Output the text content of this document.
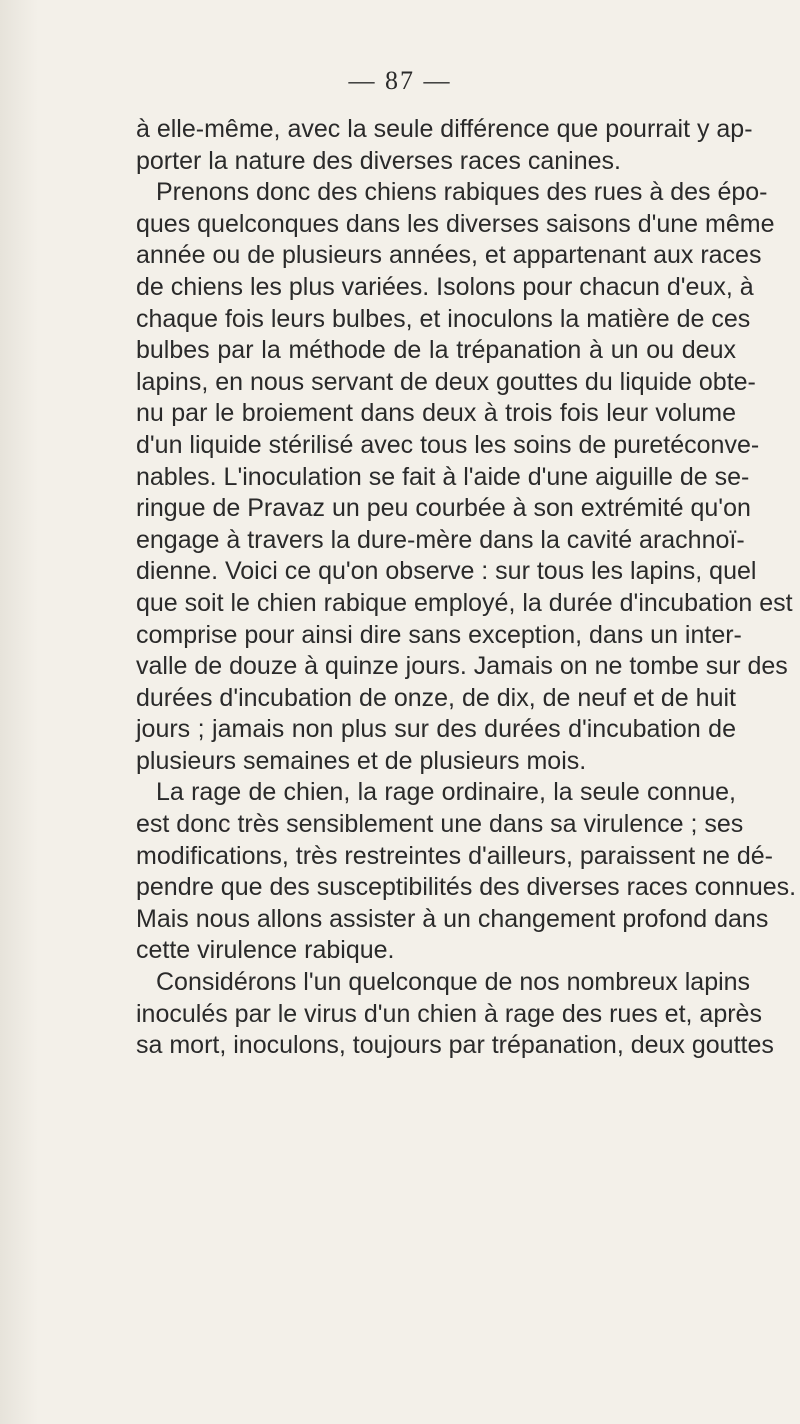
— 87 —
à elle-même, avec la seule différence que pourrait y ap-
porter la nature des diverses races canines.
Prenons donc des chiens rabiques des rues à des épo-
ques quelconques dans les diverses saisons d'une même
année ou de plusieurs années, et appartenant aux races
de chiens les plus variées. Isolons pour chacun d'eux, à
chaque fois leurs bulbes, et inoculons la matière de ces
bulbes par la méthode de la trépanation à un ou deux
lapins, en nous servant de deux gouttes du liquide obte-
nu par le broiement dans deux à trois fois leur volume
d'un liquide stérilisé avec tous les soins de puretéconve-
nables. L'inoculation se fait à l'aide d'une aiguille de se-
ringue de Pravaz un peu courbée à son extrémité qu'on
engage à travers la dure-mère dans la cavité arachnoï-
dienne. Voici ce qu'on observe : sur tous les lapins, quel
que soit le chien rabique employé, la durée d'incubation est
comprise pour ainsi dire sans exception, dans un inter-
valle de douze à quinze jours. Jamais on ne tombe sur des
durées d'incubation de onze, de dix, de neuf et de huit
jours ; jamais non plus sur des durées d'incubation de
plusieurs semaines et de plusieurs mois.
La rage de chien, la rage ordinaire, la seule connue,
est donc très sensiblement une dans sa virulence ; ses
modifications, très restreintes d'ailleurs, paraissent ne dé-
pendre que des susceptibilités des diverses races connues.
Mais nous allons assister à un changement profond dans
cette virulence rabique.
Considérons l'un quelconque de nos nombreux lapins
inoculés par le virus d'un chien à rage des rues et, après
sa mort, inoculons, toujours par trépanation, deux gouttes
